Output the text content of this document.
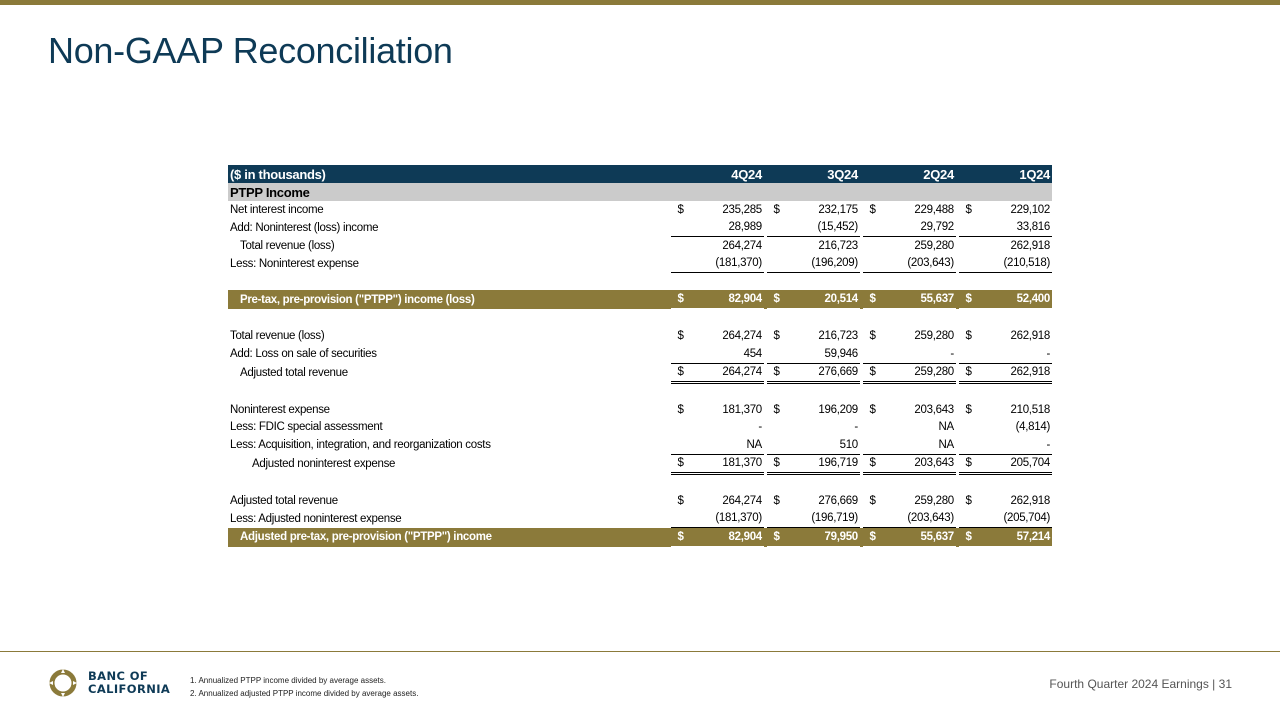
Non-GAAP Reconciliation
($ in thousands)		4Q24			3Q24			2Q24			1Q24
PTPP Income											
Net interest income	$	235,285		$	232,175		$	229,488		$	229,102
Add: Noninterest (loss) income		28,989			(15,452)			29,792			33,816
Total revenue (loss)		264,274			216,723			259,280			262,918
Less: Noninterest expense		(181,370)			(196,209)			(203,643)			(210,518)

Pre-tax, pre-provision ("PTPP") income (loss)	$	82,904		$	20,514		$	55,637		$	52,400

Total revenue (loss)	$	264,274		$	216,723		$	259,280		$	262,918
Add: Loss on sale of securities		454			59,946			-			-
Adjusted total revenue	$	264,274		$	276,669		$	259,280		$	262,918

Noninterest expense	$	181,370		$	196,209		$	203,643		$	210,518
Less: FDIC special assessment		-			-			NA			(4,814)
Less: Acquisition, integration, and reorganization costs		NA			510			NA			-
Adjusted noninterest expense	$	181,370		$	196,719		$	203,643		$	205,704

Adjusted total revenue	$	264,274		$	276,669		$	259,280		$	262,918
Less: Adjusted noninterest expense		(181,370)			(196,719)			(203,643)			(205,704)
Adjusted pre-tax, pre-provision ("PTPP") income	$	82,904		$	79,950		$	55,637		$	57,214
BANC OF
CALIFORNIA
1. Annualized PTPP income divided by average assets.
2. Annualized adjusted PTPP income divided by average assets.
Fourth Quarter 2024 Earnings | 31
